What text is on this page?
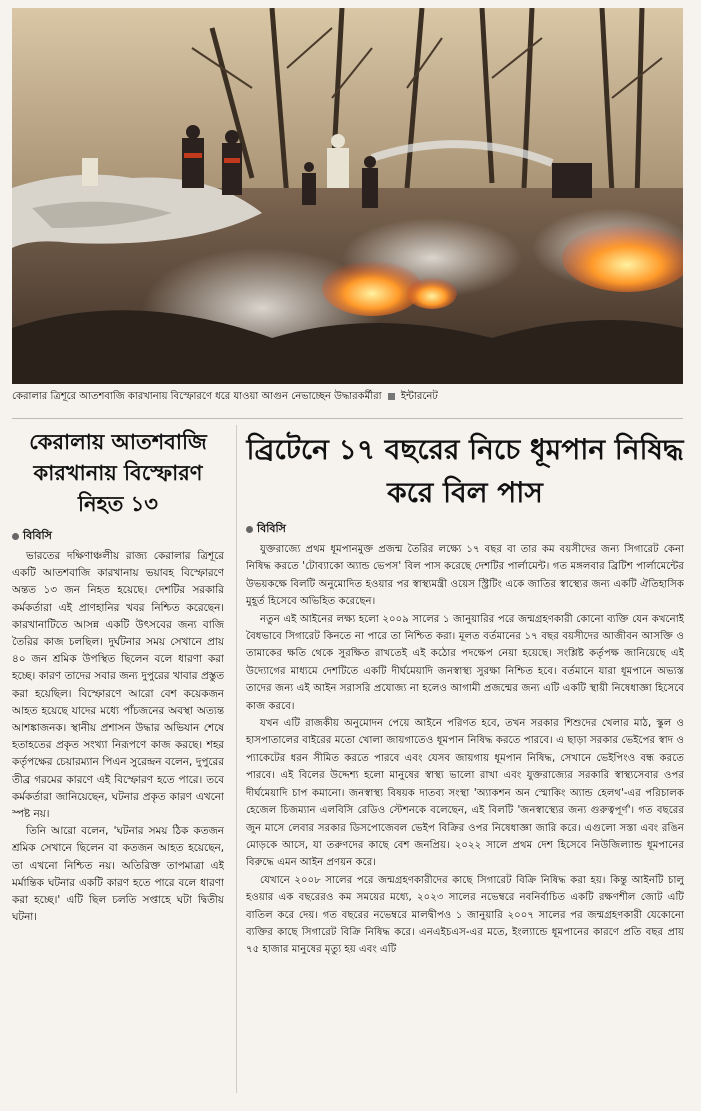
কেরালার ত্রিশূরে আতশবাজি কারখানায় বিস্ফোরণে ধরে যাওয়া আগুন নেভাচ্ছেন উদ্ধারকর্মীরা ইন্টারনেট
কেরালায় আতশবাজি কারখানায় বিস্ফোরণ নিহত ১৩
বিবিসি

ভারতের দক্ষিণাঞ্চলীয় রাজ্য কেরালার ত্রিশূরে একটি আতশবাজি কারখানায় ভয়াবহ বিস্ফোরণে অন্তত ১৩ জন নিহত হয়েছে। দেশটির সরকারি কর্মকর্তারা এই প্রাণহানির খবর নিশ্চিত করেছেন। কারখানাটিতে আসন্ন একটি উৎসবের জন্য বাজি তৈরির কাজ চলছিল। দুর্ঘটনার সময় সেখানে প্রায় ৪০ জন শ্রমিক উপস্থিত ছিলেন বলে ধারণা করা হচ্ছে। কারণ তাদের সবার জন্য দুপুরের খাবার প্রস্তুত করা হয়েছিল। বিস্ফোরণে আরো বেশ কয়েকজন আহত হয়েছে যাদের মধ্যে পাঁচজনের অবস্থা অত্যন্ত আশঙ্কাজনক। স্থানীয় প্রশাসন উদ্ধার অভিযান শেষে হতাহতের প্রকৃত সংখ্যা নিরূপণে কাজ করছে। শহর কর্তৃপক্ষের চেয়ারম্যান পিএন সুরেন্দ্রন বলেন, দুপুরের তীব্র গরমের কারণে এই বিস্ফোরণ হতে পারে। তবে কর্মকর্তারা জানিয়েছেন, ঘটনার প্রকৃত কারণ এখনো স্পষ্ট নয়।

তিনি আরো বলেন, 'ঘটনার সময় ঠিক কতজন শ্রমিক সেখানে ছিলেন বা কতজন আহত হয়েছেন, তা এখনো নিশ্চিত নয়। অতিরিক্ত তাপমাত্রা এই মর্মান্তিক ঘটনার একটি কারণ হতে পারে বলে ধারণা করা হচ্ছে।' এটি ছিল চলতি সপ্তাহে ঘটা দ্বিতীয় ঘটনা।

ব্রিটেনে ১৭ বছরের নিচে ধূমপান নিষিদ্ধ করে বিল পাস
বিবিসি

যুক্তরাজ্যে প্রথম ধূমপানমুক্ত প্রজন্ম তৈরির লক্ষ্যে ১৭ বছর বা তার কম বয়সীদের জন্য সিগারেট কেনা নিষিদ্ধ করতে 'টোব্যাকো অ্যান্ড ভেপস' বিল পাস করেছে দেশটির পার্লামেন্ট। গত মঙ্গলবার ব্রিটিশ পার্লামেন্টের উভয়কক্ষে বিলটি অনুমোদিত হওয়ার পর স্বাস্থ্যমন্ত্রী ওয়েস স্ট্রিটিং একে জাতির স্বাস্থ্যের জন্য একটি ঐতিহাসিক মুহূর্ত হিসেবে অভিহিত করেছেন।

নতুন এই আইনের লক্ষ্য হলো ২০০৯ সালের ১ জানুয়ারির পরে জন্মগ্রহণকারী কোনো ব্যক্তি যেন কখনোই বৈধভাবে সিগারেট কিনতে না পারে তা নিশ্চিত করা। মূলত বর্তমানের ১৭ বছর বয়সীদের আজীবন আসক্তি ও তামাকের ক্ষতি থেকে সুরক্ষিত রাখতেই এই কঠোর পদক্ষেপ নেয়া হয়েছে। সংশ্লিষ্ট কর্তৃপক্ষ জানিয়েছে এই উদ্যোগের মাধ্যমে দেশটিতে একটি দীর্ঘমেয়াদি জনস্বাস্থ্য সুরক্ষা নিশ্চিত হবে। বর্তমানে যারা ধূমপানে অভ্যস্ত তাদের জন্য এই আইন সরাসরি প্রযোজ্য না হলেও আগামী প্রজন্মের জন্য এটি একটি স্থায়ী নিষেধাজ্ঞা হিসেবে কাজ করবে।

যখন এটি রাজকীয় অনুমোদন পেয়ে আইনে পরিণত হবে, তখন সরকার শিশুদের খেলার মাঠ, স্কুল ও হাসপাতালের বাইরের মতো খোলা জায়গাতেও ধূমপান নিষিদ্ধ করতে পারবে। এ ছাড়া সরকার ভেইপের স্বাদ ও প্যাকেটের ধরন সীমিত করতে পারবে এবং যেসব জায়গায় ধূমপান নিষিদ্ধ, সেখানে ভেইপিংও বন্ধ করতে পারবে। এই বিলের উদ্দেশ্য হলো মানুষের স্বাস্থ্য ভালো রাখা এবং যুক্তরাজ্যের সরকারি স্বাস্থ্যসেবার ওপর দীর্ঘমেয়াদি চাপ কমানো। জনস্বাস্থ্য বিষয়ক দাতব্য সংস্থা 'অ্যাকশন অন স্মোকিং অ্যান্ড হেলথ'-এর পরিচালক হেজেল চিজম্যান এলবিসি রেডিও স্টেশনকে বলেছেন, এই বিলটি 'জনস্বাস্থ্যের জন্য গুরুত্বপূর্ণ'। গত বছরের জুন মাসে লেবার সরকার ডিসপোজেবল ভেইপ বিক্রির ওপর নিষেধাজ্ঞা জারি করে। এগুলো সস্তা এবং রঙিন মোড়কে আসে, যা তরুণদের কাছে বেশ জনপ্রিয়। ২০২২ সালে প্রথম দেশ হিসেবে নিউজিল্যান্ড ধূমপানের বিরুদ্ধে এমন আইন প্রণয়ন করে।

যেখানে ২০০৮ সালের পরে জন্মগ্রহণকারীদের কাছে সিগারেট বিক্রি নিষিদ্ধ করা হয়। কিন্তু আইনটি চালু হওয়ার এক বছরেরও কম সময়ের মধ্যে, ২০২৩ সালের নভেম্বরে নবনির্বাচিত একটি রক্ষণশীল জোট এটি বাতিল করে দেয়। গত বছরের নভেম্বরে মালদ্বীপও ১ জানুয়ারি ২০০৭ সালের পর জন্মগ্রহণকারী যেকোনো ব্যক্তির কাছে সিগারেট বিক্রি নিষিদ্ধ করে। এনএইচএস-এর মতে, ইংল্যান্ডে ধূমপানের কারণে প্রতি বছর প্রায় ৭৫ হাজার মানুষের মৃত্যু হয় এবং এটি
